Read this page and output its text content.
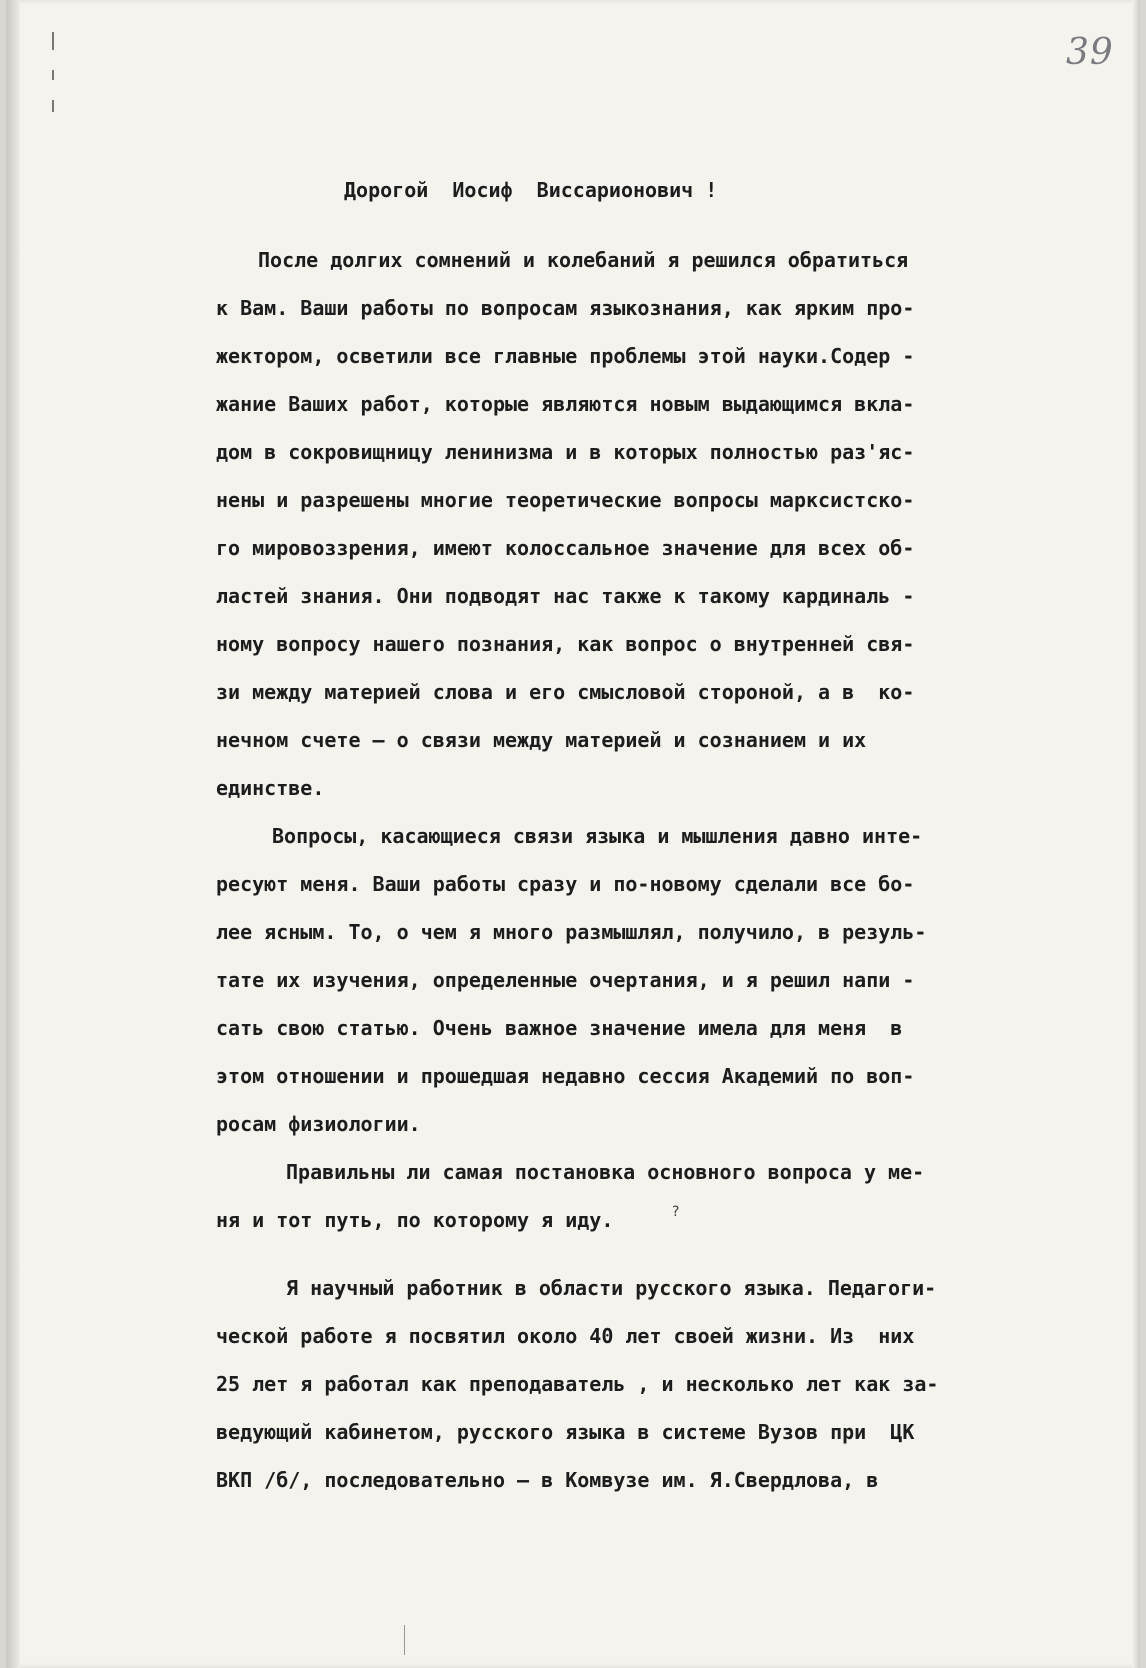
39
Дорогой  Иосиф  Виссарионович !
После долгих сомнений и колебаний я решился обратиться
к Вам. Ваши работы по вопросам языкознания, как ярким про-
жектором, осветили все главные проблемы этой науки.Содер -
жание Ваших работ, которые являются новым выдающимся вкла-
дом в сокровищницу ленинизма и в которых полностью раз'яс-
нены и разрешены многие теоретические вопросы марксистско-
го мировоззрения, имеют колоссальное значение для всех об-
ластей знания. Они подводят нас также к такому кардиналь -
ному вопросу нашего познания, как вопрос о внутренней свя-
зи между материей слова и его смысловой стороной, а в  ко-
нечном счете — о связи между материей и сознанием и их
единстве.
Вопросы, касающиеся связи языка и мышления давно инте-
ресуют меня. Ваши работы сразу и по-новому сделали все бо-
лее ясным. То, о чем я много размышлял, получило, в резуль-
тате их изучения, определенные очертания, и я решил напи -
сать свою статью. Очень важное значение имела для меня  в
этом отношении и прошедшая недавно сессия Академий по воп-
росам физиологии.
Правильны ли самая постановка основного вопроса у ме-
ня и тот путь, по которому я иду.	?
Я научный работник в области русского языка. Педагоги-
ческой работе я посвятил около 40 лет своей жизни. Из  них
25 лет я работал как преподаватель , и несколько лет как за-
ведующий кабинетом, русского языка в системе Вузов при  ЦК
ВКП /б/, последовательно — в Комвузе им. Я.Свердлова, в
